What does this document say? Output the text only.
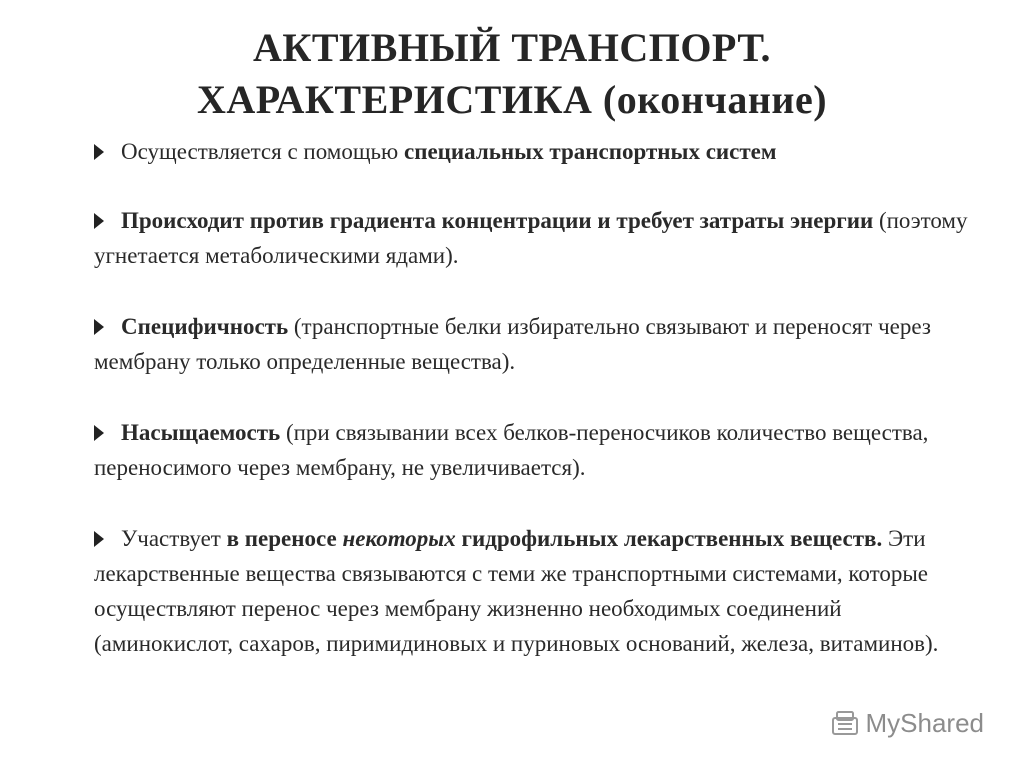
АКТИВНЫЙ ТРАНСПОРТ.
ХАРАКТЕРИСТИКА (окончание)
Осуществляется с помощью специальных транспортных систем
Происходит против градиента концентрации и требует затраты энергии (поэтому угнетается метаболическими ядами).
Специфичность (транспортные белки избирательно связывают и переносят через мембрану только определенные вещества).
Насыщаемость (при связывании всех белков-переносчиков количество вещества, переносимого через мембрану, не увеличивается).
Участвует в переносе некоторых гидрофильных лекарственных веществ. Эти лекарственные вещества связываются с теми же транспортными системами, которые осуществляют перенос через мембрану жизненно необходимых соединений (аминокислот, сахаров, пиримидиновых и пуриновых оснований, железа, витаминов).
MyShared
